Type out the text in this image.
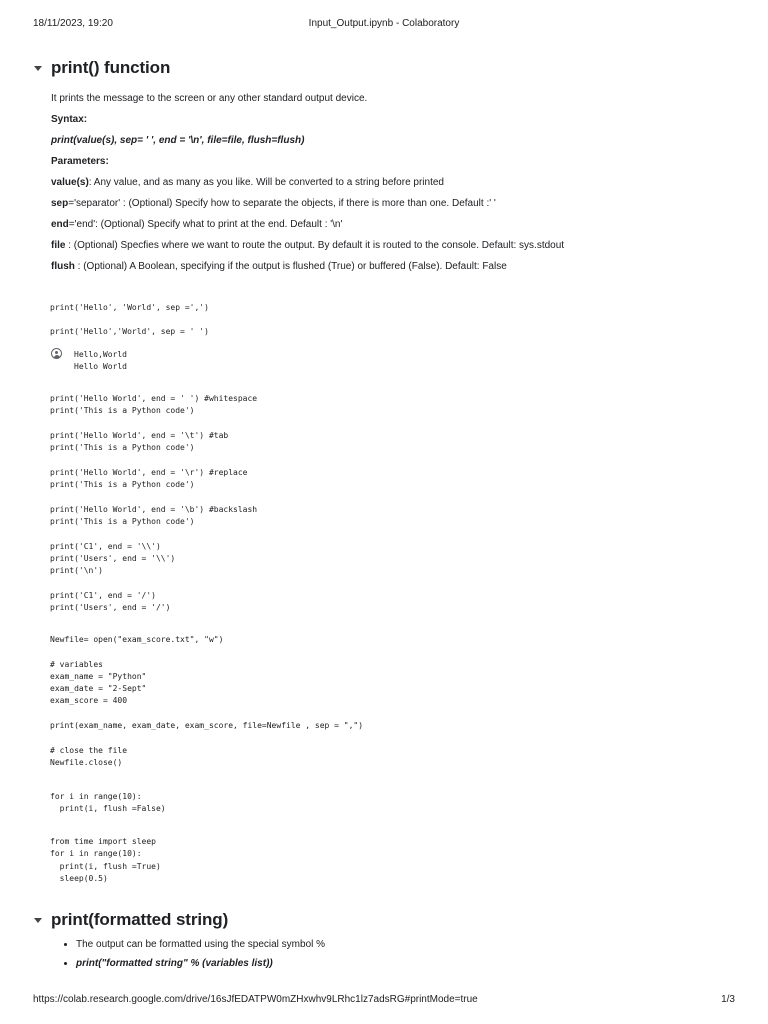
18/11/2023, 19:20	Input_Output.ipynb - Colaboratory
https://colab.research.google.com/drive/16sJfEDATPW0mZHxwhv9LRhc1lz7adsRG#printMode=true	1/3
print() function

It prints the message to the screen or any other standard output device.

Syntax:

print(value(s), sep= ' ', end = '\n', file=file, flush=flush)

Parameters:

value(s): Any value, and as many as you like. Will be converted to a string before printed

sep='separator' : (Optional) Specify how to separate the objects, if there is more than one. Default :' '

end='end': (Optional) Specify what to print at the end. Default : '\n'

file : (Optional) Specfies where we want to route the output. By default it is routed to the console. Default: sys.stdout

flush : (Optional) A Boolean, specifying if the output is flushed (True) or buffered (False). Default: False

print('Hello', 'World', sep =',')
print('Hello','World', sep = ' ')
Hello,World
Hello World
print('Hello World', end = ' ') #whitespace
print('This is a Python code')

print('Hello World', end = '\t') #tab
print('This is a Python code')

print('Hello World', end = '\r') #replace
print('This is a Python code')

print('Hello World', end = '\b') #backslash
print('This is a Python code')

print('C1', end = '\\')
print('Users', end = '\\')
print('\n')

print('C1', end = '/')
print('Users', end = '/')
Newfile= open("exam_score.txt", "w")

# variables
exam_name = "Python"
exam_date = "2-Sept"
exam_score = 400

print(exam_name, exam_date, exam_score, file=Newfile , sep = ",")

# close the file
Newfile.close()
for i in range(10):
print(i, flush =False)
from time import sleep
for i in range(10):
print(i, flush =True)
sleep(0.5)
print(formatted string)
• The output can be formatted using the special symbol %
• print("formatted string" % (variables list))
